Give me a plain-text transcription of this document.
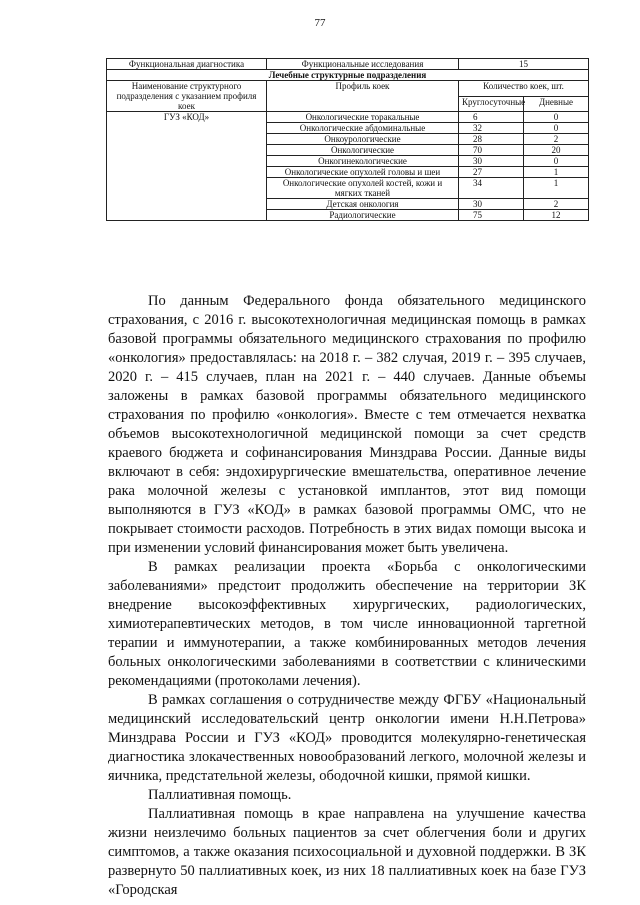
77
Функциональная диагностика	Функциональные исследования	15	
Лечебные структурные подразделения			
Наименование структурного подразделения с указанием профиля коек	Профиль коек	Количество коек, шт.	
		Круглосуточные	Дневные
ГУЗ «КОД»	Онкологические торакальные	6	0
	Онкологические абдоминальные	32	0
	Онкоурологические	28	2
	Онкологические	70	20
	Онкогинекологические	30	0
	Онкологические опухолей головы и шеи	27	1
	Онкологические опухолей костей, кожи и мягких тканей	34	1
	Детская онкология	30	2
	Радиологические	75	12

По данным Федерального фонда обязательного медицинского страхования, с 2016 г. высокотехнологичная медицинская помощь в рамках базовой программы обязательного медицинского страхования по профилю «онкология» предоставлялась: на 2018 г. – 382 случая, 2019 г. – 395 случаев, 2020 г. – 415 случаев, план на 2021 г. – 440 случаев. Данные объемы заложены в рамках базовой программы обязательного медицинского страхования по профилю «онкология». Вместе с тем отмечается нехватка объемов высокотехнологичной медицинской помощи за счет средств краевого бюджета и софинансирования Минздрава России. Данные виды включают в себя: эндохирургические вмешательства, оперативное лечение рака молочной железы с установкой имплантов, этот вид помощи выполняются в ГУЗ «КОД» в рамках базовой программы ОМС, что не покрывает стоимости расходов. Потребность в этих видах помощи высока и при изменении условий финансирования может быть увеличена.

В рамках реализации проекта «Борьба с онкологическими заболеваниями» предстоит продолжить обеспечение на территории ЗК внедрение высокоэффективных хирургических, радиологических, химиотерапевтических методов, в том числе инновационной таргетной терапии и иммунотерапии, а также комбинированных методов лечения больных онкологическими заболеваниями в соответствии с клиническими рекомендациями (протоколами лечения).

В рамках соглашения о сотрудничестве между ФГБУ «Национальный медицинский исследовательский центр онкологии имени Н.Н.Петрова» Минздрава России и ГУЗ «КОД» проводится молекулярно-генетическая диагностика злокачественных новообразований легкого, молочной железы и яичника, предстательной железы, ободочной кишки, прямой кишки.

Паллиативная помощь.

Паллиативная помощь в крае направлена на улучшение качества жизни неизлечимо больных пациентов за счет облегчения боли и других симптомов, а также оказания психосоциальной и духовной поддержки. В ЗК развернуто 50 паллиативных коек, из них 18 паллиативных коек на базе ГУЗ «Городская
